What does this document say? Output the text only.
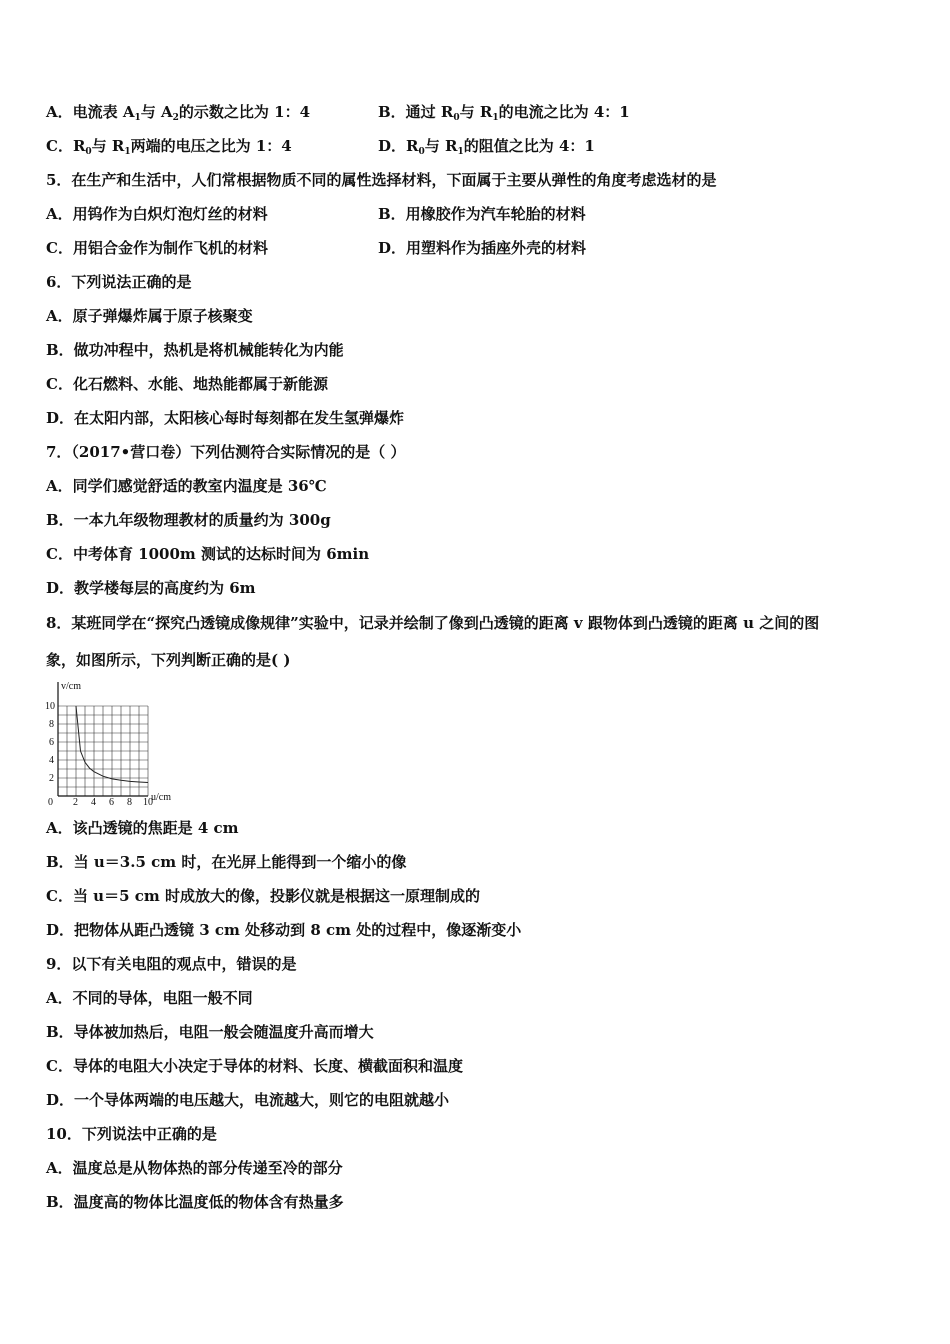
A．电流表 $A_1$与 $A_2$的示数之比为 1：4	B．通过 $R_0$与 $R_1$的电流之比为 4：1
C．$R_0$与 $R_1$两端的电压之比为 1：4	D．$R_0$与 $R_1$的阻值之比为 4：1
5．在生产和生活中，人们常根据物质不同的属性选择材料，下面属于主要从弹性的角度考虑选材的是
A．用钨作为白炽灯泡灯丝的材料	B．用橡胶作为汽车轮胎的材料
C．用铝合金作为制作飞机的材料	D．用塑料作为插座外壳的材料
6．下列说法正确的是
A．原子弹爆炸属于原子核聚变
B．做功冲程中，热机是将机械能转化为内能
C．化石燃料、水能、地热能都属于新能源
D．在太阳内部，太阳核心每时每刻都在发生氢弹爆炸
7．（2017•营口卷）下列估测符合实际情况的是（ ）
A．同学们感觉舒适的教室内温度是 36℃
B．一本九年级物理教材的质量约为 300g
C．中考体育 1000m 测试的达标时间为 6min
D．教学楼每层的高度约为 6m
8．某班同学在“探究凸透镜成像规律”实验中，记录并绘制了像到凸透镜的距离 v 跟物体到凸透镜的距离 u 之间的图
象，如图所示，下列判断正确的是( )
v/cm
u/cm
0 2 4 6 8 10
2
4
6
8
10
A．该凸透镜的焦距是 4 cm
B．当 u＝3.5 cm 时，在光屏上能得到一个缩小的像
C．当 u＝5 cm 时成放大的像，投影仪就是根据这一原理制成的
D．把物体从距凸透镜 3 cm 处移动到 8 cm 处的过程中，像逐渐变小
9．以下有关电阻的观点中，错误的是
A．不同的导体，电阻一般不同
B．导体被加热后，电阻一般会随温度升高而增大
C．导体的电阻大小决定于导体的材料、长度、横截面积和温度
D．一个导体两端的电压越大，电流越大，则它的电阻就越小
10．下列说法中正确的是
A．温度总是从物体热的部分传递至冷的部分
B．温度高的物体比温度低的物体含有热量多
